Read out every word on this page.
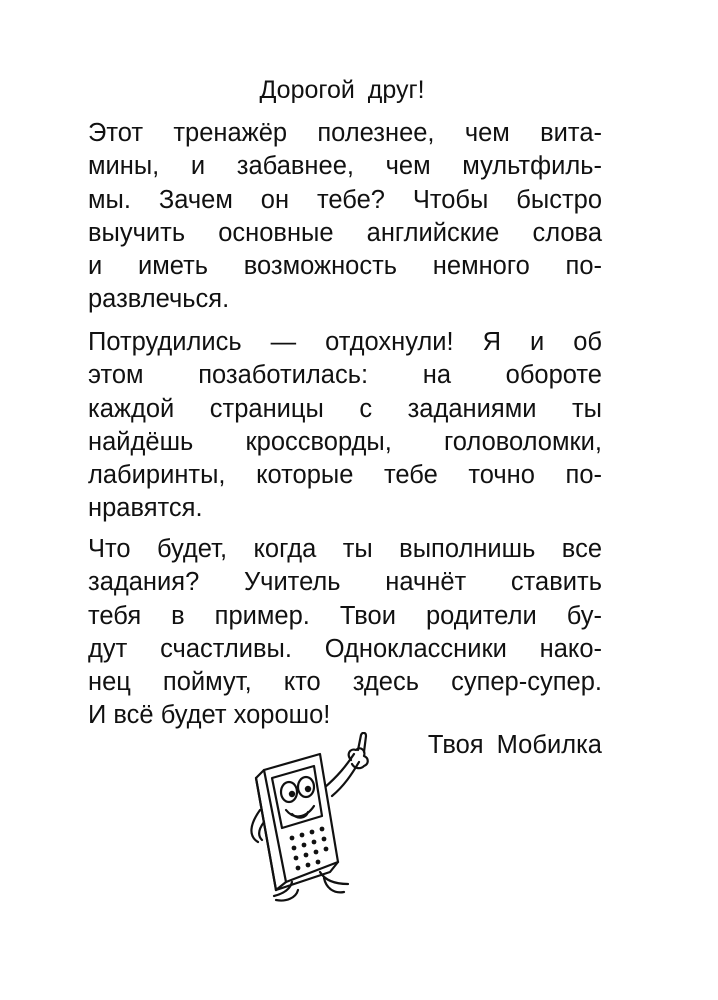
Дорогой друг!
Этот тренажёр полезнее, чем вита-
мины, и забавнее, чем мультфиль-
мы. Зачем он тебе? Чтобы быстро
выучить основные английские слова
и иметь возможность немного по-
развлечься.
Потрудились — отдохнули! Я и об
этом позаботилась: на обороте
каждой страницы с заданиями ты
найдёшь кроссворды, головоломки,
лабиринты, которые тебе точно по-
нравятся.
Что будет, когда ты выполнишь все
задания? Учитель начнёт ставить
тебя в пример. Твои родители бу-
дут счастливы. Одноклассники нако-
нец поймут, кто здесь супер-супер.
И всё будет хорошо!
Твоя Мобилка
